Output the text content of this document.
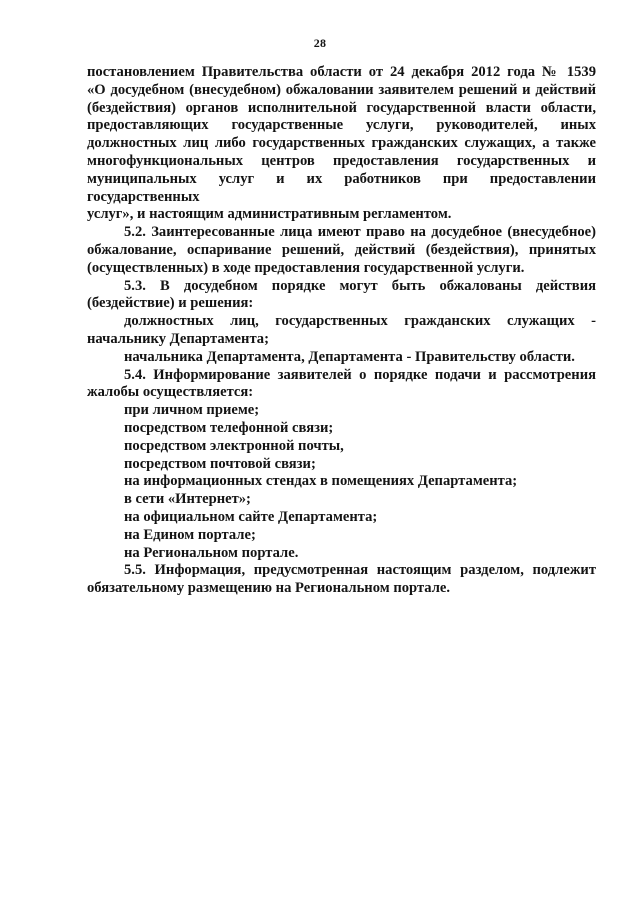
28

постановлением Правительства области от 24 декабря 2012 года № 1539

«О досудебном (внесудебном) обжаловании заявителем решений и действий

(бездействия) органов исполнительной государственной власти области,

предоставляющих государственные услуги, руководителей, иных

должностных лиц либо государственных гражданских служащих, а также

многофункциональных центров предоставления государственных и

муниципальных услуг и их работников при предоставлении государственных

услуг», и настоящим административным регламентом.

5.2. Заинтересованные лица имеют право на досудебное (внесудебное)

обжалование, оспаривание решений, действий (бездействия), принятых

(осуществленных) в ходе предоставления государственной услуги.

5.3. В досудебном порядке могут быть обжалованы действия

(бездействие) и решения:

должностных лиц, государственных гражданских служащих -

начальнику Департамента;

начальника Департамента, Департамента - Правительству области.

5.4. Информирование заявителей о порядке подачи и рассмотрения

жалобы осуществляется:

при личном приеме;

посредством телефонной связи;

посредством электронной почты,

посредством почтовой связи;

на информационных стендах в помещениях Департамента;

в сети «Интернет»;

на официальном сайте Департамента;

на Едином портале;

на Региональном портале.

5.5. Информация, предусмотренная настоящим разделом, подлежит

обязательному размещению на Региональном портале.
